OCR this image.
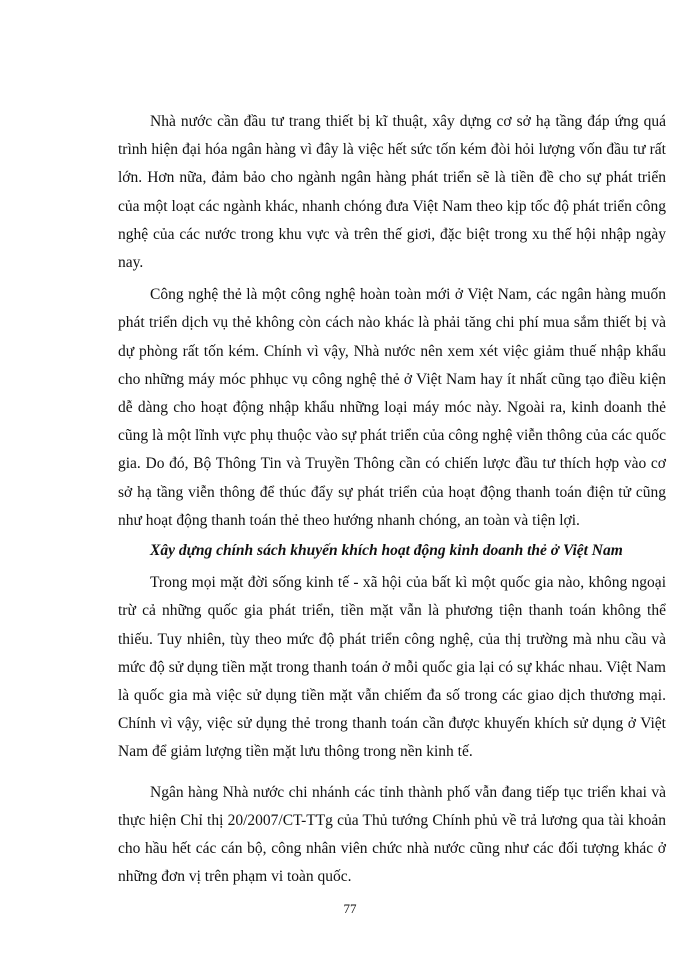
Nhà nước cần đầu tư trang thiết bị kĩ thuật, xây dựng cơ sở hạ tầng đáp ứng quá trình hiện đại hóa ngân hàng vì đây là việc hết sức tốn kém đòi hỏi lượng vốn đầu tư rất lớn. Hơn nữa, đảm bảo cho ngành ngân hàng phát triển sẽ là tiền đề cho sự phát triển của một loạt các ngành khác, nhanh chóng đưa Việt Nam theo kịp tốc độ phát triển công nghệ của các nước trong khu vực và trên thế giơi, đặc biệt trong xu thế hội nhập ngày nay.

Công nghệ thẻ là một công nghệ hoàn toàn mới ở Việt Nam, các ngân hàng muốn phát triển dịch vụ thẻ không còn cách nào khác là phải tăng chi phí mua sắm thiết bị và dự phòng rất tốn kém. Chính vì vậy, Nhà nước nên xem xét việc giảm thuế nhập khẩu cho những máy móc phhục vụ công nghệ thẻ ở Việt Nam hay ít nhất cũng tạo điều kiện dễ dàng cho hoạt động nhập khẩu những loại máy móc này. Ngoài ra, kinh doanh thẻ cũng là một lĩnh vực phụ thuộc vào sự phát triển của công nghệ viễn thông của các quốc gia. Do đó, Bộ Thông Tin và Truyền Thông cần có chiến lược đầu tư thích hợp vào cơ sở hạ tầng viễn thông để thúc đẩy sự phát triển của hoạt động thanh toán điện tử cũng như hoạt động thanh toán thẻ theo hướng nhanh chóng, an toàn và tiện lợi.

Xây dựng chính sách khuyến khích hoạt động kinh doanh thẻ ở Việt Nam

Trong mọi mặt đời sống kinh tế - xã hội của bất kì một quốc gia nào, không ngoại trừ cả những quốc gia phát triển, tiền mặt vẫn là phương tiện thanh toán không thể thiếu. Tuy nhiên, tùy theo mức độ phát triển công nghệ, của thị trường mà nhu cầu và mức độ sử dụng tiền mặt trong thanh toán ở mỗi quốc gia lại có sự khác nhau. Việt Nam là quốc gia mà việc sử dụng tiền mặt vẫn chiếm đa số trong các giao dịch thương mại. Chính vì vậy, việc sử dụng thẻ trong thanh toán cần được khuyến khích sử dụng ở Việt Nam để giảm lượng tiền mặt lưu thông trong nền kinh tế.

Ngân hàng Nhà nước chi nhánh các tỉnh thành phố vẫn đang tiếp tục triển khai và thực hiện Chỉ thị 20/2007/CT-TTg của Thủ tướng Chính phủ về trả lương qua tài khoản cho hầu hết các cán bộ, công nhân viên chức nhà nước cũng như các đối tượng khác ở những đơn vị trên phạm vi toàn quốc.

77
